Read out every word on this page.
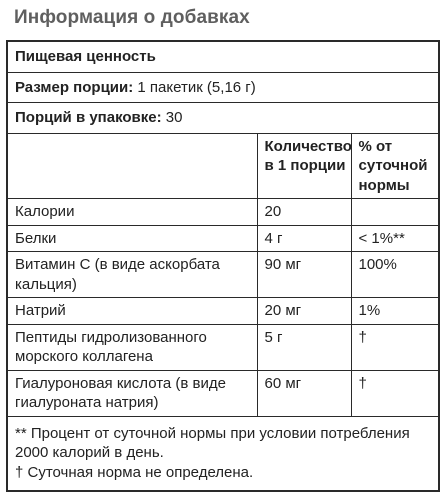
Информация о добавках
Пищевая ценность		
Размер порции: 1 пакетик (5,16 г)		
Порций в упаковке: 30		
	Количество в 1 порции	% от суточной нормы
Калории	20	
Белки	4 г	< 1%**
Витамин С (в виде аскорбата кальция)	90 мг	100%
Натрий	20 мг	1%
Пептиды гидролизованного морского коллагена	5 г	†
Гиалуроновая кислота (в виде гиалуроната натрия)	60 мг	†

** Процент от суточной нормы при условии потребления 2000 калорий в день.
† Суточная норма не определена.		
